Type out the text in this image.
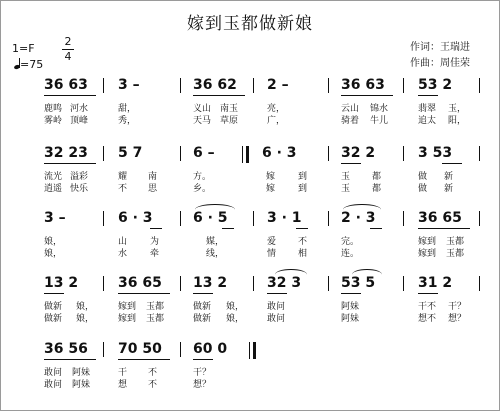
嫁到玉都做新娘
1=F
2
4
=75
作词：王瑞进
作曲：周佳荣
36 63 3 –	36 62 2 –	36 63 53 2
鹿鸣 河水	甜，	义山 南玉	亮，	云山 锦水	翡翠 玉，
雾岭 顶峰	秀，	天马 草原	广，	骑着 牛儿	追太 阳，
32 23 5 7	6 –	6 · 3	32 2	3 53
流光 溢彩	耀 南	方。	嫁	到	玉 都	做 新
逍遥 快乐	不 思	乡。	嫁	到	玉 都	做 新
3 –	6 · 3	6 · 5	3 · 1	2 · 3	36 65
娘，	山	为	媒，	爱 不	完。	嫁到 玉都
娘，	水	牵	线，	情 相	连。	嫁到 玉都
13 2	36 65 13 2	32 3	53 5	31 2
做新 娘，	嫁到 玉都	做新 娘，	敢问	阿妹	干不 干？
做新 娘，	嫁到 玉都	做新 娘，	敢问	阿妹	想不 想？
36 56 70 50 60 0
敢问 阿妹	干 不	干？
敢问 阿妹	想 不	想？
